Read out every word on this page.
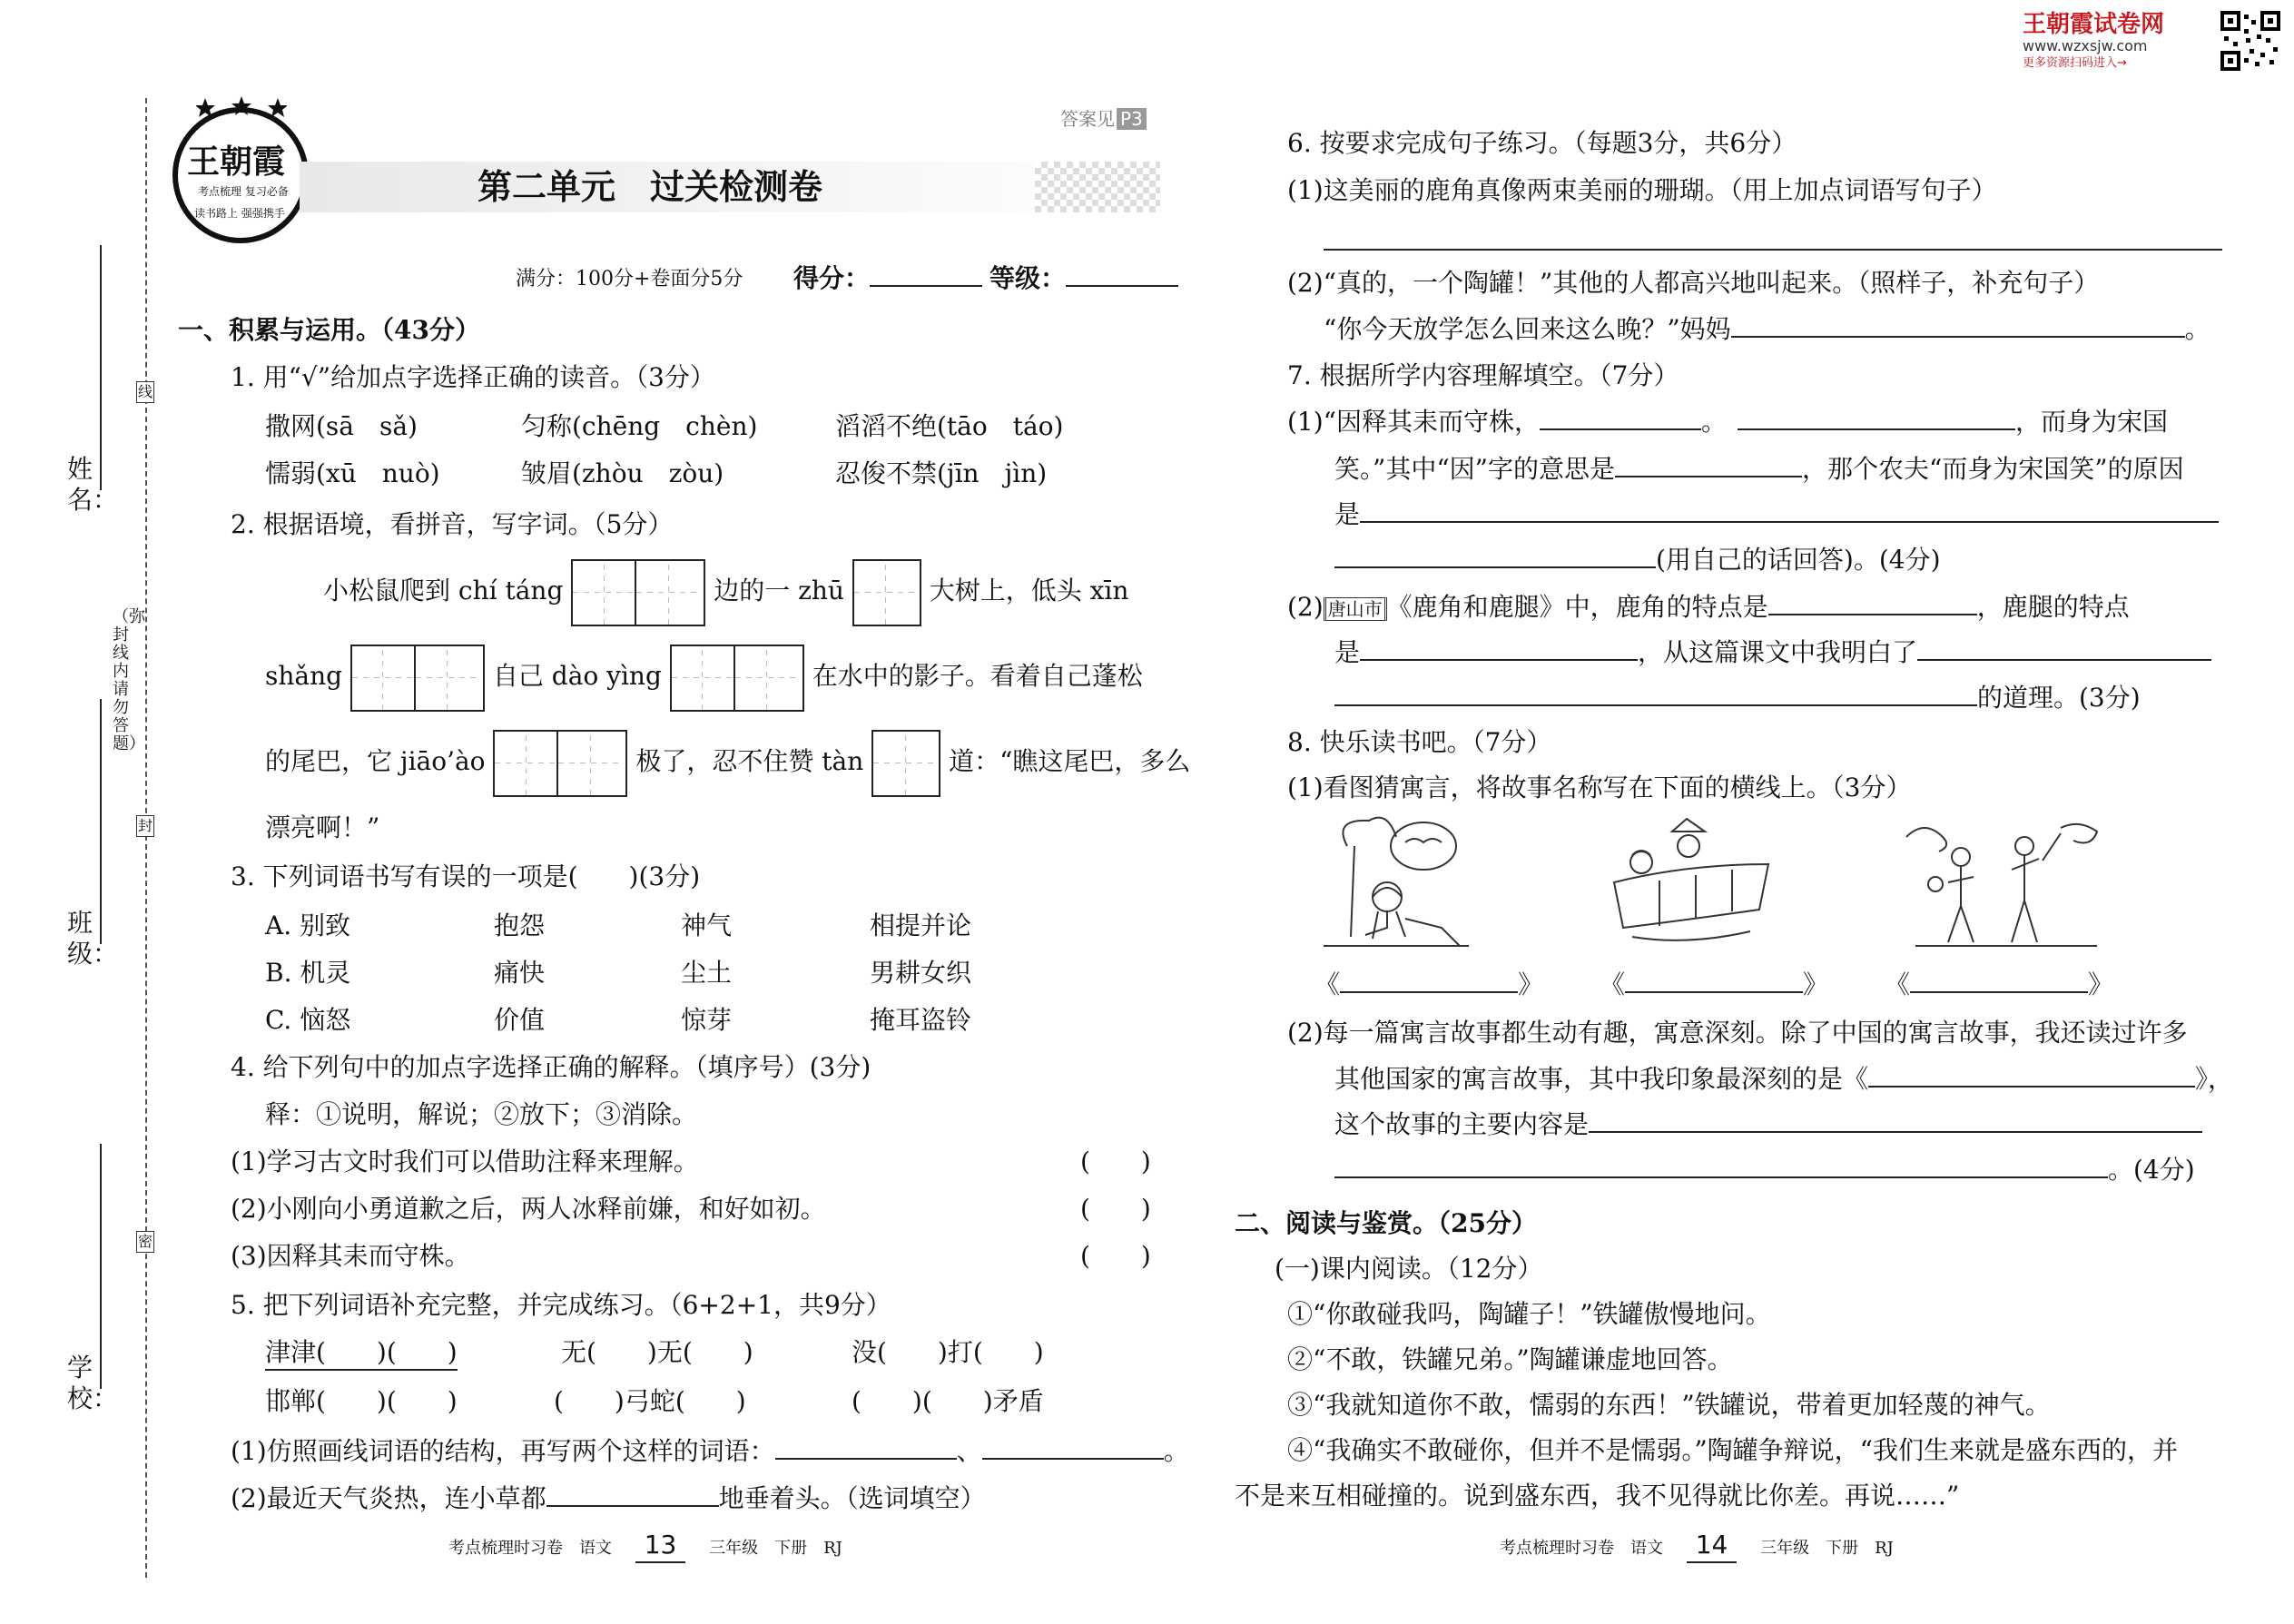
王朝霞试卷网
www.wzxsjw.com
更多资源扫码进入→
姓名：
班级：
学校：
（弥封线内请勿答题）
线
封
密
王朝霞
考点梳理 复习必备
读书路上 强强携手
第二单元　过关检测卷
答案见 P3
满分：100分+卷面分5分 得分：	等级：
一、积累与运用。（43分）
1. 用“√”给加点字选择正确的读音。（3分）
撒网(sā　sǎ)	匀称(chēng　chèn)	滔滔不绝(tāo　táo)
懦弱(xū　nuò)	皱眉(zhòu　zòu)	忍俊不禁(jīn　jìn)
2. 根据语境，看拼音，写字词。（5分）
小松鼠爬到 chí táng	边的一 zhū	大树上，低头 xīn
shǎng	自己 dào yìng	在水中的影子。看着自己蓬松
的尾巴，它 jiāo’ào	极了，忍不住赞 tàn	道：“瞧这尾巴，多么
漂亮啊！”
3. 下列词语书写有误的一项是(　　)(3分)
A. 别致	抱怨	神气	相提并论
B. 机灵	痛快	尘土	男耕女织
C. 恼怒	价值	惊芽	掩耳盗铃
4. 给下列句中的加点字选择正确的解释。（填序号）(3分)
释：①说明，解说；②放下；③消除。
(1)学习古文时我们可以借助注释来理解。	(　　)
(2)小刚向小勇道歉之后，两人冰释前嫌，和好如初。	(　　)
(3)因释其耒而守株。	(　　)
5. 把下列词语补充完整，并完成练习。（6+2+1，共9分）
津津(　　)(　　)	无(　　)无(　　)	没(　　)打(　　)
邯郸(　　)(　　)	(　　)弓蛇(　　)	(　　)(　　)矛盾
(1)仿照画线词语的结构，再写两个这样的词语：	、	。
(2)最近天气炎热，连小草都	地垂着头。（选词填空）
考点梳理时习卷　语文 13 三年级　下册　RJ
6. 按要求完成句子练习。（每题3分，共6分）
(1)这美丽的鹿角真像两束美丽的珊瑚。（用上加点词语写句子）
(2)“真的，一个陶罐！”其他的人都高兴地叫起来。（照样子，补充句子）
“你今天放学怎么回来这么晚？”妈妈	。
7. 根据所学内容理解填空。（7分）
(1)“因释其耒而守株，	。	，而身为宋国
笑。”其中“因”字的意思是	，那个农夫“而身为宋国笑”的原因
是
(用自己的话回答)。(4分)
(2) 唐山市 《鹿角和鹿腿》中，鹿角的特点是	，鹿腿的特点
是	，从这篇课文中我明白了
的道理。(3分)
8. 快乐读书吧。（7分）
(1)看图猜寓言，将故事名称写在下面的横线上。（3分）
《	》 《	》 《	》
(2)每一篇寓言故事都生动有趣，寓意深刻。除了中国的寓言故事，我还读过许多
其他国家的寓言故事，其中我印象最深刻的是《	》，
这个故事的主要内容是
。(4分)
二、阅读与鉴赏。（25分）
(一)课内阅读。（12分）
①“你敢碰我吗，陶罐子！”铁罐傲慢地问。
②“不敢，铁罐兄弟。”陶罐谦虚地回答。
③“我就知道你不敢，懦弱的东西！”铁罐说，带着更加轻蔑的神气。
④“我确实不敢碰你，但并不是懦弱。”陶罐争辩说，“我们生来就是盛东西的，并
不是来互相碰撞的。说到盛东西，我不见得就比你差。再说……”
考点梳理时习卷　语文 14 三年级　下册　RJ
